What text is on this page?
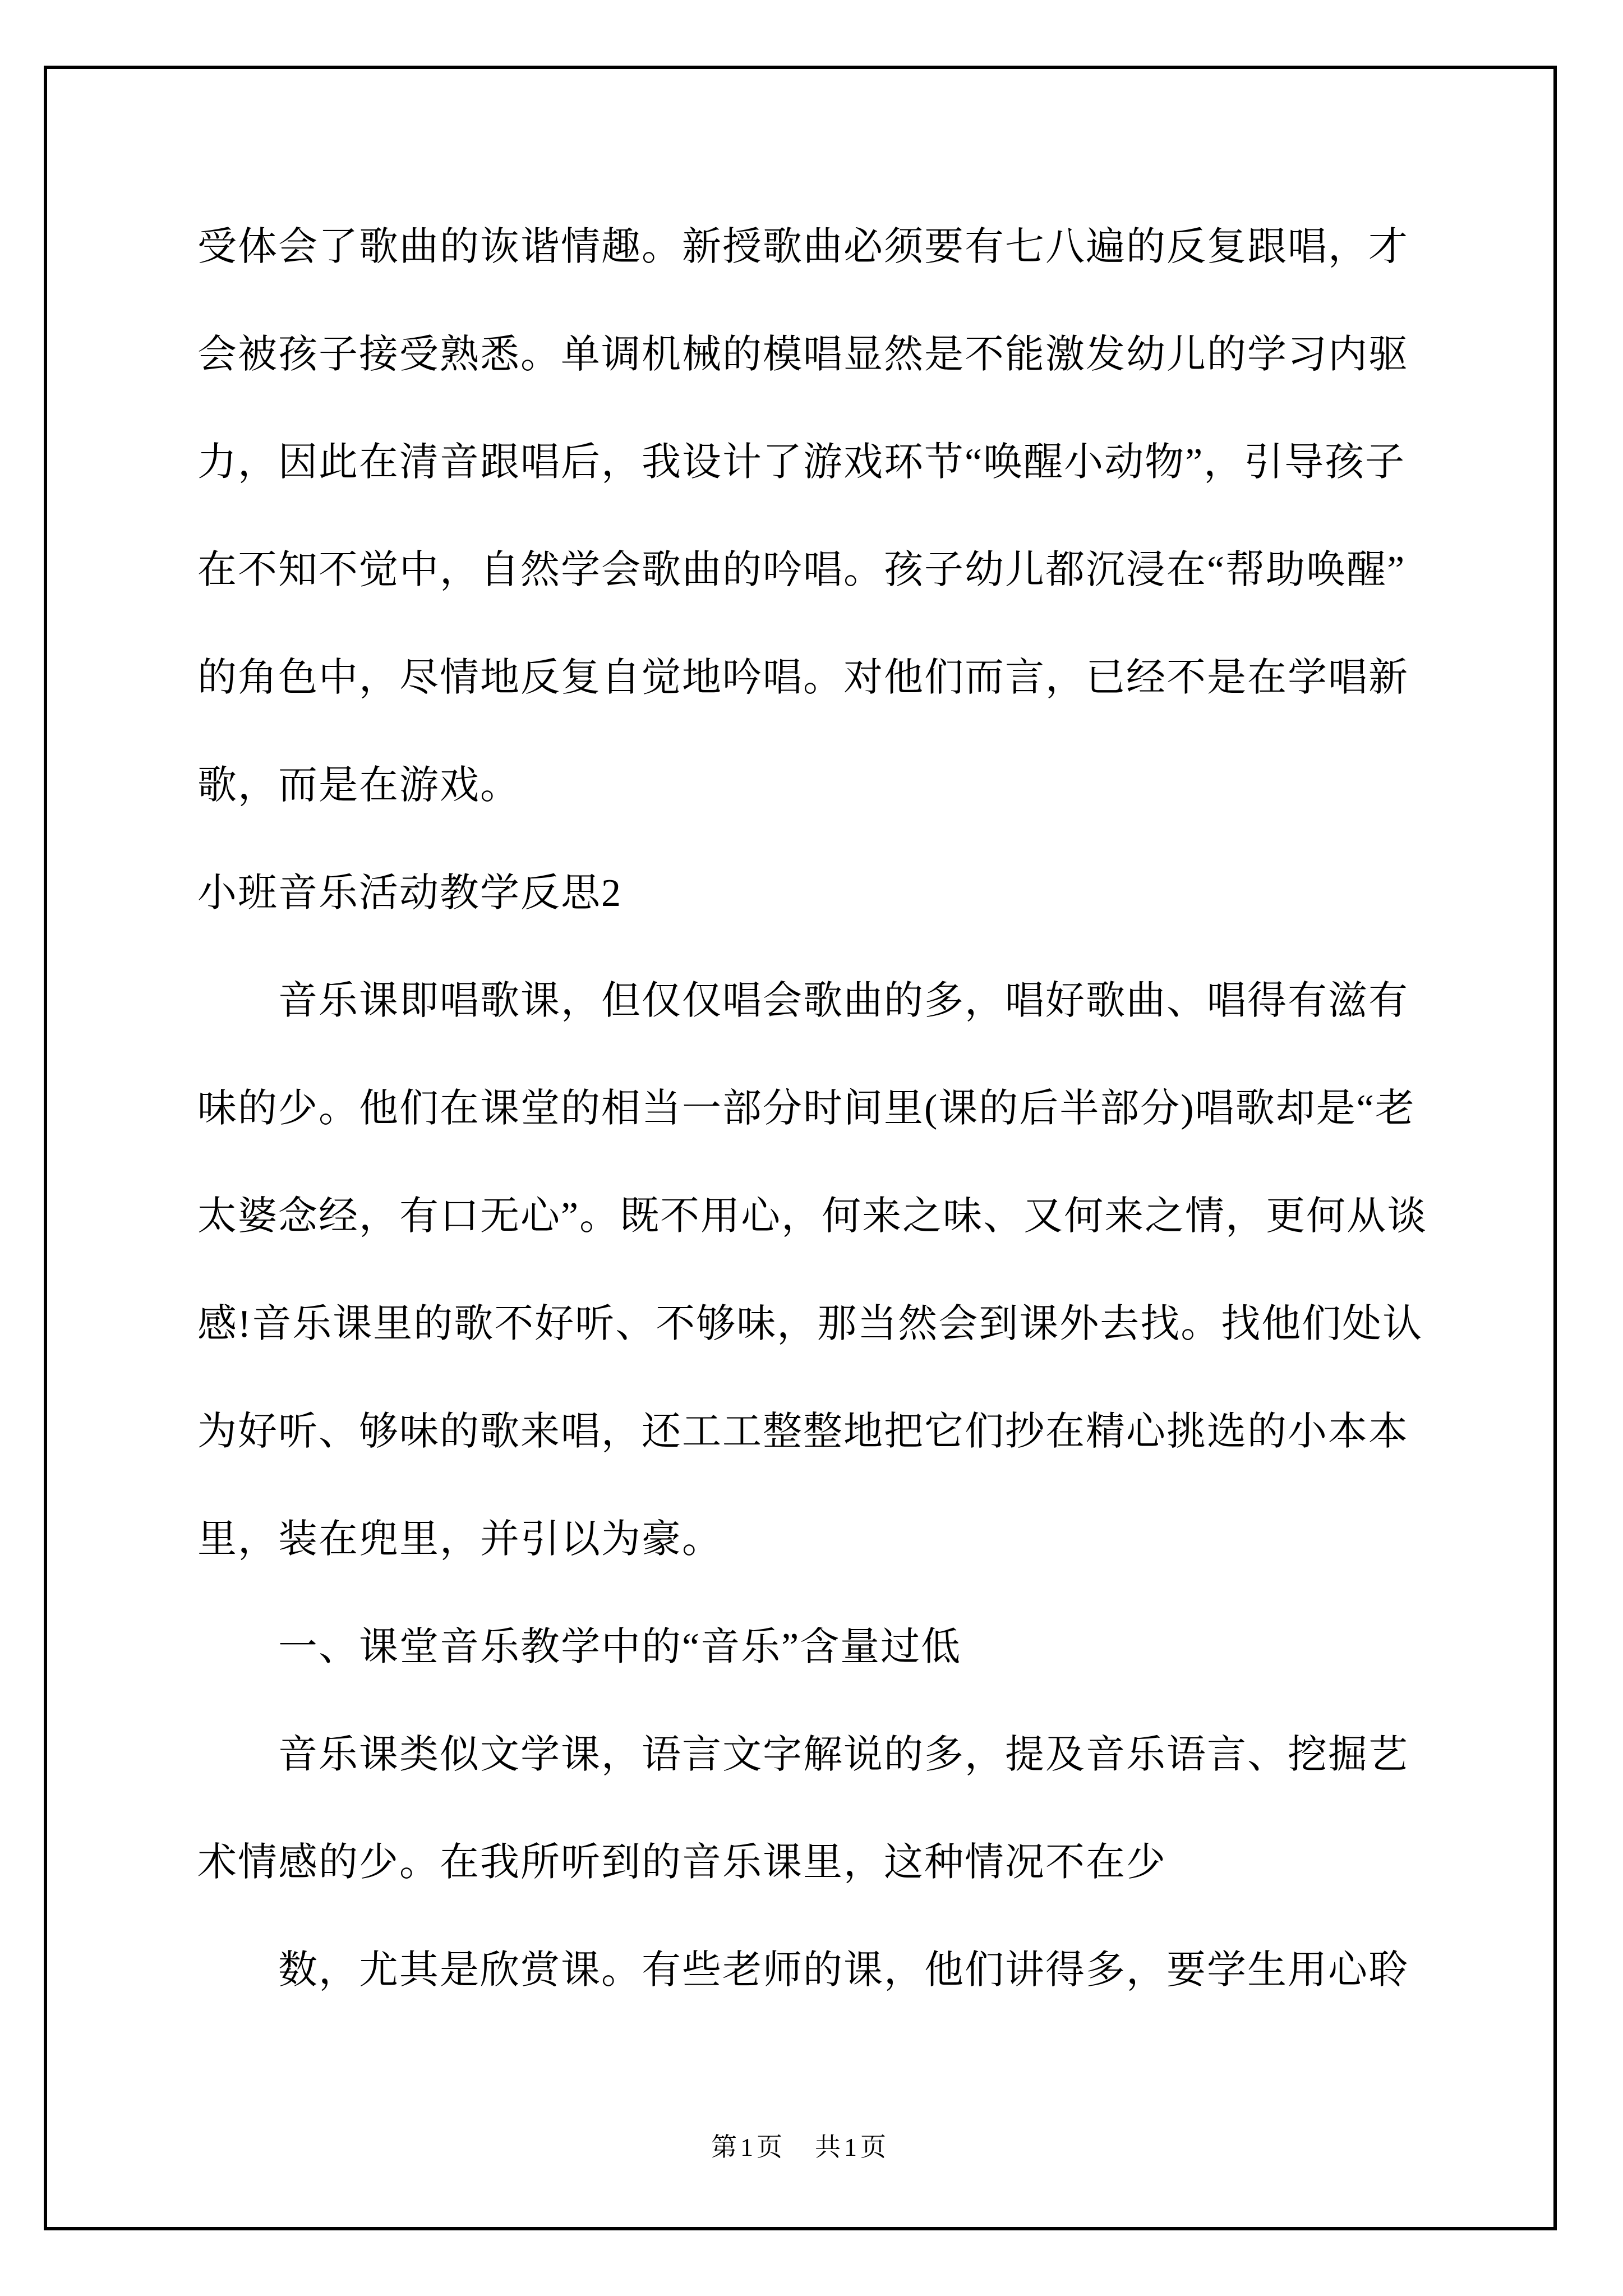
受体会了歌曲的诙谐情趣。新授歌曲必须要有七八遍的反复跟唱，才
会被孩子接受熟悉。单调机械的模唱显然是不能激发幼儿的学习内驱
力，因此在清音跟唱后，我设计了游戏环节“唤醒小动物”，引导孩子
在不知不觉中，自然学会歌曲的吟唱。孩子幼儿都沉浸在“帮助唤醒”
的角色中，尽情地反复自觉地吟唱。对他们而言，已经不是在学唱新
歌，而是在游戏。
小班音乐活动教学反思2
音乐课即唱歌课，但仅仅唱会歌曲的多，唱好歌曲、唱得有滋有
味的少。他们在课堂的相当一部分时间里(课的后半部分)唱歌却是“老
太婆念经，有口无心”。既不用心，何来之味、又何来之情，更何从谈
感!音乐课里的歌不好听、不够味，那当然会到课外去找。找他们处认
为好听、够味的歌来唱，还工工整整地把它们抄在精心挑选的小本本
里，装在兜里，并引以为豪。
一、课堂音乐教学中的“音乐”含量过低
音乐课类似文学课，语言文字解说的多，提及音乐语言、挖掘艺
术情感的少。在我所听到的音乐课里，这种情况不在少
数，尤其是欣赏课。有些老师的课，他们讲得多，要学生用心聆
第1页　共1页
